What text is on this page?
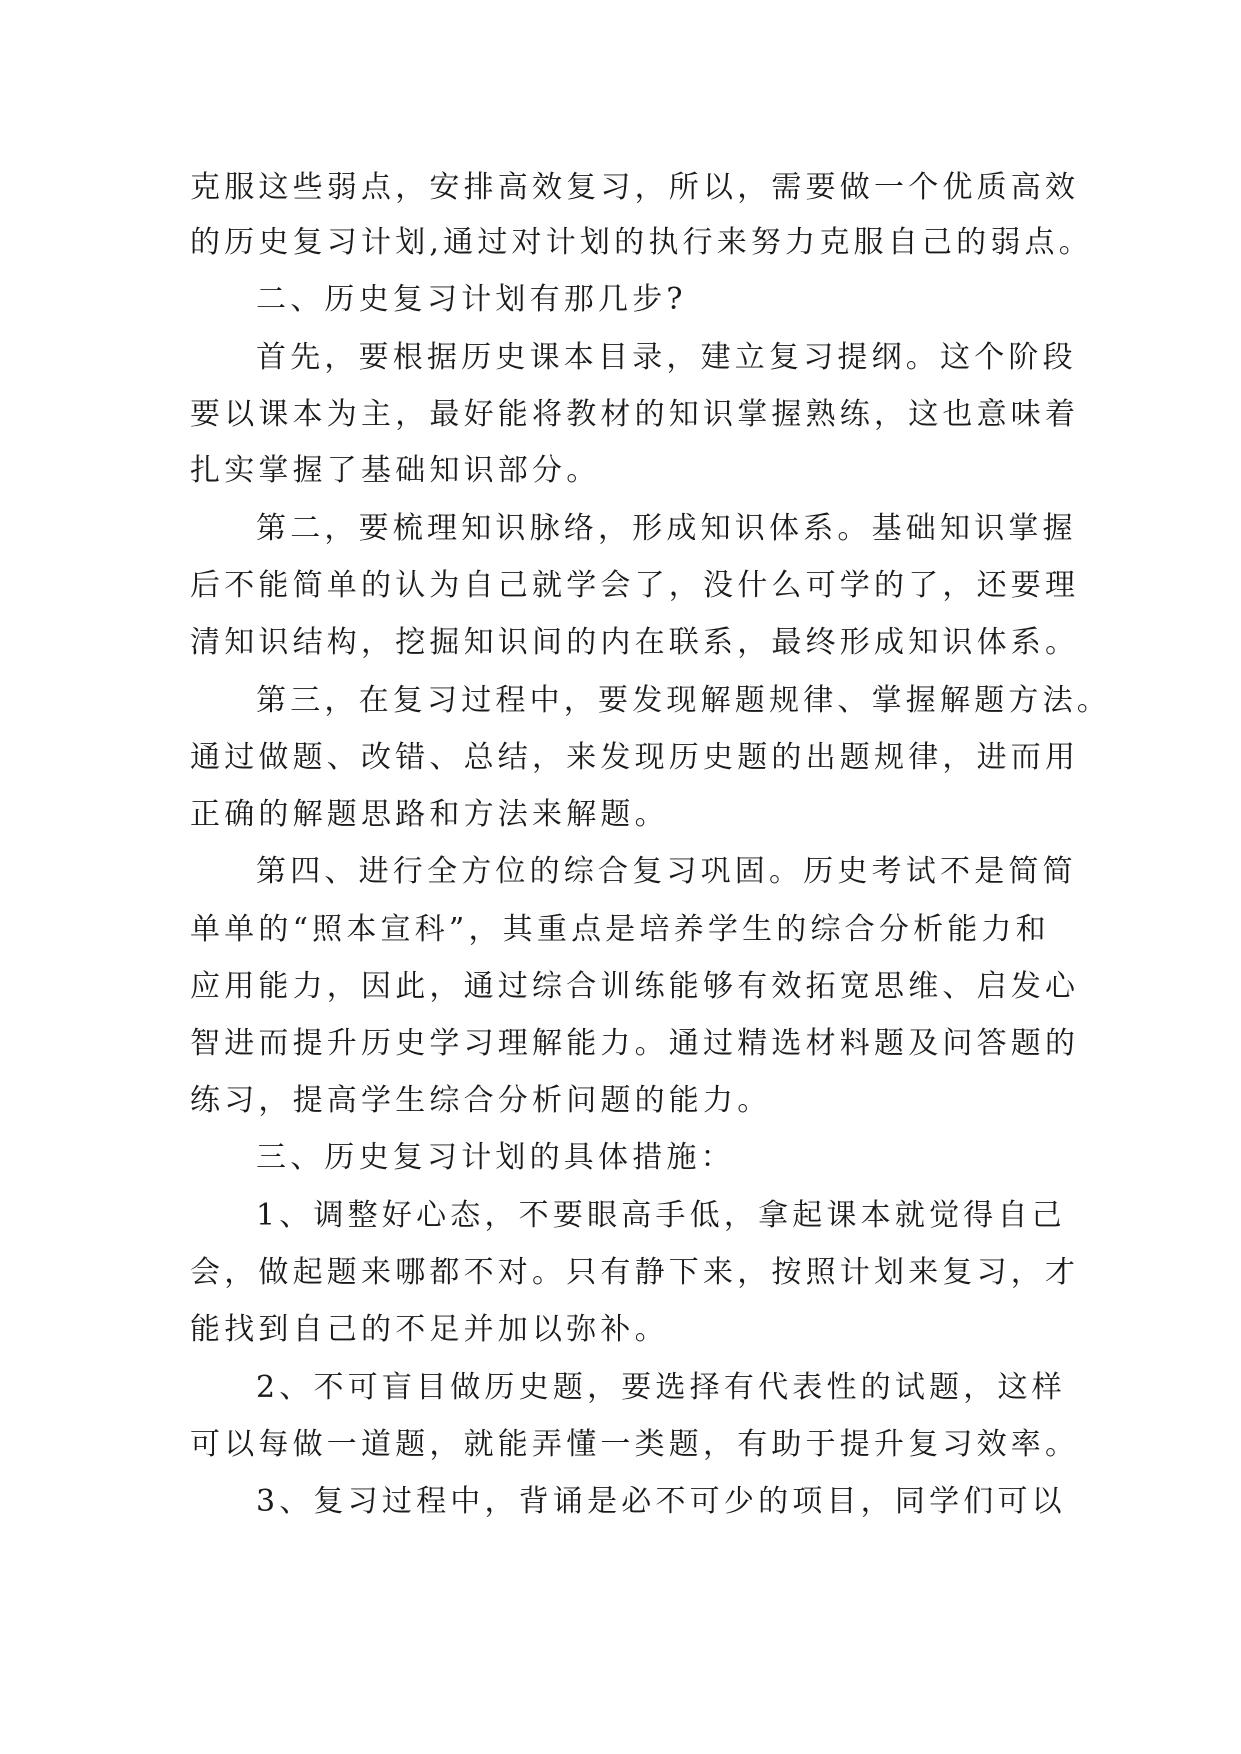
克服这些弱点，安排高效复习，所以，需要做一个优质高效
的历史复习计划,通过对计划的执行来努力克服自己的弱点。
二、历史复习计划有那几步?
首先，要根据历史课本目录，建立复习提纲。这个阶段
要以课本为主，最好能将教材的知识掌握熟练，这也意味着
扎实掌握了基础知识部分。
第二，要梳理知识脉络，形成知识体系。基础知识掌握
后不能简单的认为自己就学会了，没什么可学的了，还要理
清知识结构，挖掘知识间的内在联系，最终形成知识体系。
第三，在复习过程中，要发现解题规律、掌握解题方法。
通过做题、改错、总结，来发现历史题的出题规律，进而用
正确的解题思路和方法来解题。
第四、进行全方位的综合复习巩固。历史考试不是简简
单单的“照本宣科”，其重点是培养学生的综合分析能力和
应用能力，因此，通过综合训练能够有效拓宽思维、启发心
智进而提升历史学习理解能力。通过精选材料题及问答题的
练习，提高学生综合分析问题的能力。
三、历史复习计划的具体措施：
1、调整好心态，不要眼高手低，拿起课本就觉得自己
会，做起题来哪都不对。只有静下来，按照计划来复习，才
能找到自己的不足并加以弥补。
2、不可盲目做历史题，要选择有代表性的试题，这样
可以每做一道题，就能弄懂一类题，有助于提升复习效率。
3、复习过程中，背诵是必不可少的项目，同学们可以
